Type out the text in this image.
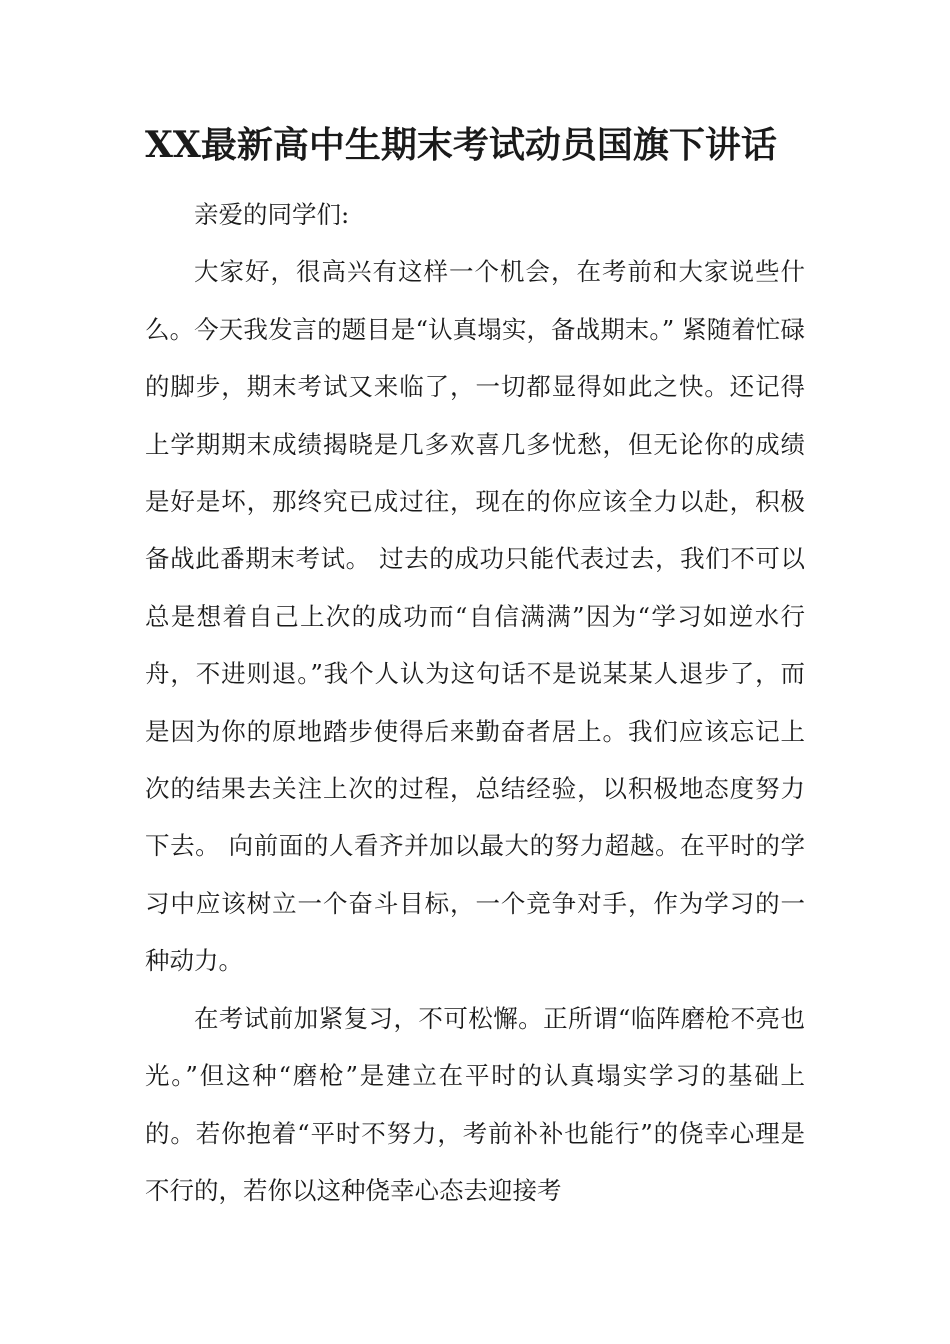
XX最新高中生期末考试动员国旗下讲话

亲爱的同学们:

大家好，很高兴有这样一个机会，在考前和大家说些什么。今天我发言的题目是“认真塌实，备战期末。” 紧随着忙碌的脚步，期末考试又来临了，一切都显得如此之快。还记得上学期期末成绩揭晓是几多欢喜几多忧愁，但无论你的成绩是好是坏，那终究已成过往，现在的你应该全力以赴，积极备战此番期末考试。 过去的成功只能代表过去，我们不可以总是想着自己上次的成功而“自信满满”因为“学习如逆水行舟，不进则退。”我个人认为这句话不是说某某人退步了，而是因为你的原地踏步使得后来勤奋者居上。我们应该忘记上次的结果去关注上次的过程，总结经验，以积极地态度努力下去。 向前面的人看齐并加以最大的努力超越。在平时的学习中应该树立一个奋斗目标，一个竞争对手，作为学习的一种动力。

在考试前加紧复习，不可松懈。正所谓“临阵磨枪不亮也光。”但这种“磨枪”是建立在平时的认真塌实学习的基础上的。若你抱着“平时不努力，考前补补也能行”的侥幸心理是不行的，若你以这种侥幸心态去迎接考
